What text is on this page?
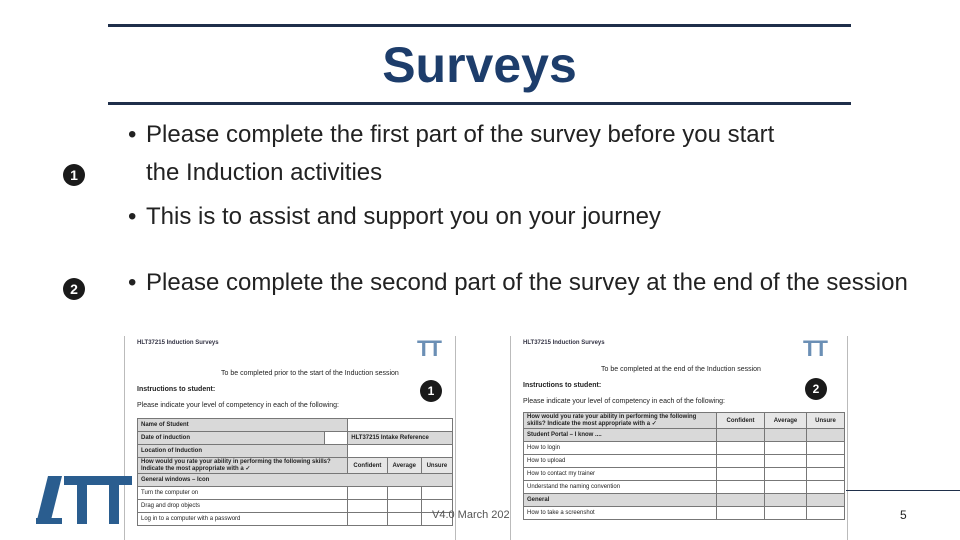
Surveys
1
2
• Please complete the first part of the survey before you start the Induction activities
• This is to assist and support you on your journey
• Please complete the second part of the survey at the end of the session
HLT37215 Induction Surveys	TT
To be completed prior to the start of the Induction session
Instructions to student:
Please indicate your level of competency in each of the following:
1
Name of Student				
Date of induction		HLT37215 Intake Reference		
Location of Induction				
How would you rate your ability in performing the following skills? Indicate the most appropriate with a ✓		Confident	Average	Unsure
General windows – Icon				
Turn the computer on				
Drag and drop objects				
Log in to a computer with a password				
HLT37215 Induction Surveys	TT
To be completed at the end of the Induction session
Instructions to student:
Please indicate your level of competency in each of the following:
2
How would you rate your ability in performing the following skills? Indicate the most appropriate with a ✓	Confident	Average	Unsure
Student Portal – I know ....			
How to login			
How to upload			
How to contact my trainer			
Understand the naming convention			
General			
How to take a screenshot			
V4.0 March 202	5
